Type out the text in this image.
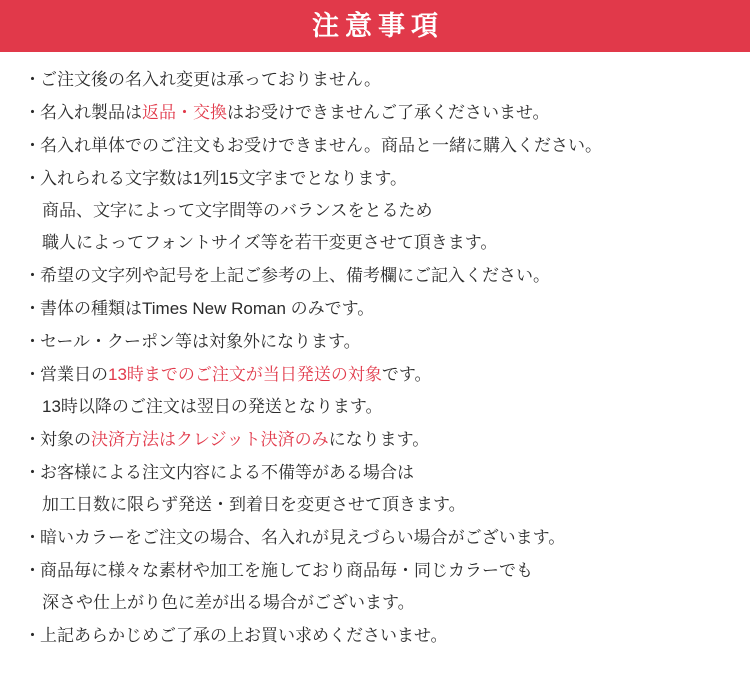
注意事項
・ ご注文後の名入れ変更は承っておりません。
・ 名入れ製品は返品・交換はお受けできませんご了承くださいませ。
・ 名入れ単体でのご注文もお受けできません。商品と一緒に購入ください。
・ 入れられる文字数は1列15文字までとなります。
商品、文字によって文字間等のバランスをとるため
職人によってフォントサイズ等を若干変更させて頂きます。
・ 希望の文字列や記号を上記ご参考の上、備考欄にご記入ください。
・ 書体の種類はTimes New Roman のみです。
・ セール・クーポン等は対象外になります。
・ 営業日の13時までのご注文が当日発送の対象です。
13時以降のご注文は翌日の発送となります。
・ 対象の決済方法はクレジット決済のみになります。
・ お客様による注文内容による不備等がある場合は
加工日数に限らず発送・到着日を変更させて頂きます。
・ 暗いカラーをご注文の場合、名入れが見えづらい場合がございます。
・ 商品毎に様々な素材や加工を施しており商品毎・同じカラーでも
深さや仕上がり色に差が出る場合がございます。
・ 上記あらかじめご了承の上お買い求めくださいませ。
